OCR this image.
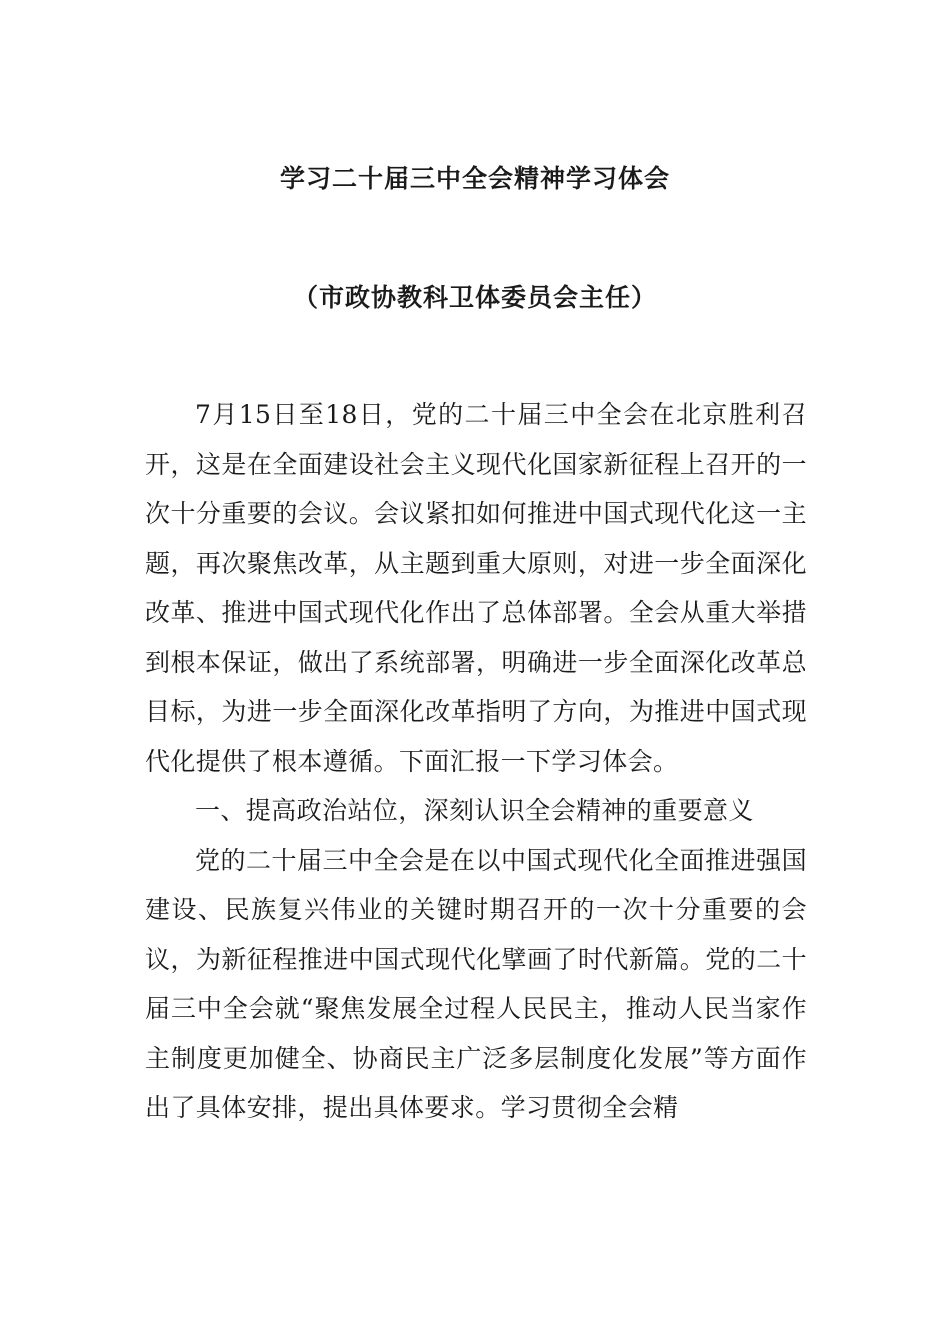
学习二十届三中全会精神学习体会
（市政协教科卫体委员会主任）

7月15日至18日，党的二十届三中全会在北京胜利召开，这是在全面建设社会主义现代化国家新征程上召开的一次十分重要的会议。会议紧扣如何推进中国式现代化这一主题，再次聚焦改革，从主题到重大原则，对进一步全面深化改革、推进中国式现代化作出了总体部署。全会从重大举措到根本保证，做出了系统部署，明确进一步全面深化改革总目标，为进一步全面深化改革指明了方向，为推进中国式现代化提供了根本遵循。下面汇报一下学习体会。

一、提高政治站位，深刻认识全会精神的重要意义

党的二十届三中全会是在以中国式现代化全面推进强国建设、民族复兴伟业的关键时期召开的一次十分重要的会议，为新征程推进中国式现代化擘画了时代新篇。党的二十届三中全会就“聚焦发展全过程人民民主，推动人民当家作主制度更加健全、协商民主广泛多层制度化发展”等方面作出了具体安排，提出具体要求。学习贯彻全会精
